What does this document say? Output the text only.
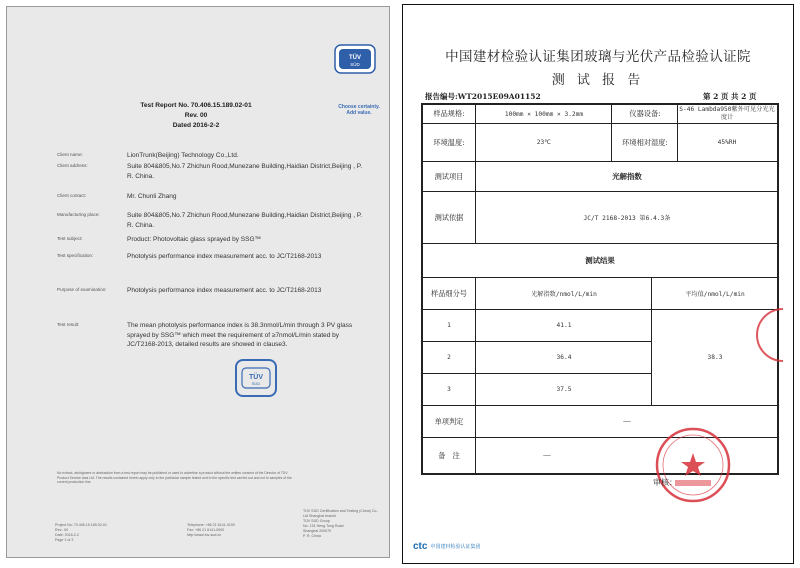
TÜV
SÜD
Choose certainty. Add value.
Test Report No. 70.406.15.189.02-01
Rev. 00
Dated 2016-2-2
Client name:	LionTrunk(Beijing) Technology Co.,Ltd.
Client address:	Suite 804&805,No.7 Zhichun Rood,Munezane Building,Haidian District,Beijing , P. R. China.
Client contact:	Mr. Chunli Zhang
Manufacturing place:	Suite 804&805,No.7 Zhichun Rood,Munezane Building,Haidian District,Beijing , P. R. China.
Test subject:	Product: Photovoltaic glass sprayed by SSG™
Test specification:	Photolysis performance index measurement acc. to JC/T2168-2013
Purpose of examination:	Photolysis performance index measurement acc. to JC/T2168-2013
Test result:	The mean photolysis performance index is 38.3nmol/L/min through 3 PV glass sprayed by SSG™ which meet the requirement of ≥7nmol/L/min stated by JC/T2168-2013, detailed results are showed in clause3.
TÜV
SÜD
No extract, abridgment or abstraction from a test report may be published or used to advertise a product without the written consent of the Director of TÜV Product Service Asia Ltd. The results contained herein apply only to the particular sample tested and to the specific test carried out and not to samples of the current production line.
Project No: 70.406.15.189.02-01
Rev.: 00
Date: 2016-2-2
Page 1 of 3
Telephone: +86 21 6141-0100
Fax: +86 21 6141-0000
http://www.tuv-sud.cn
TÜV SÜD Certification and Testing (China) Co., Ltd Shanghai branch
TÜV SÜD Group
No. 151 Heng Tong Road
Shanghai 200070
P. R. China
中国建材检验认证集团玻璃与光伏产品检验认证院
测 试 报 告
报告编号:WT2015E09A01152	第 2 页 共 2 页
样品规格:	100mm × 100mm × 3.2mm	仪器设备:	S-46 Lambda950紫外可见分光光度计
环境温度:	23℃	环境相对湿度:	45%RH
测试项目	光解指数
测试依据	JC/T 2168-2013 第6.4.3条
测试结果
样品细分号	光解指数/nmol/L/min	平均值/nmol/L/min
1	41.1
2	36.4
3	37.5
38.3
单项判定	——
备　注	——
审核：
ctc 中国建材检验认证集团
